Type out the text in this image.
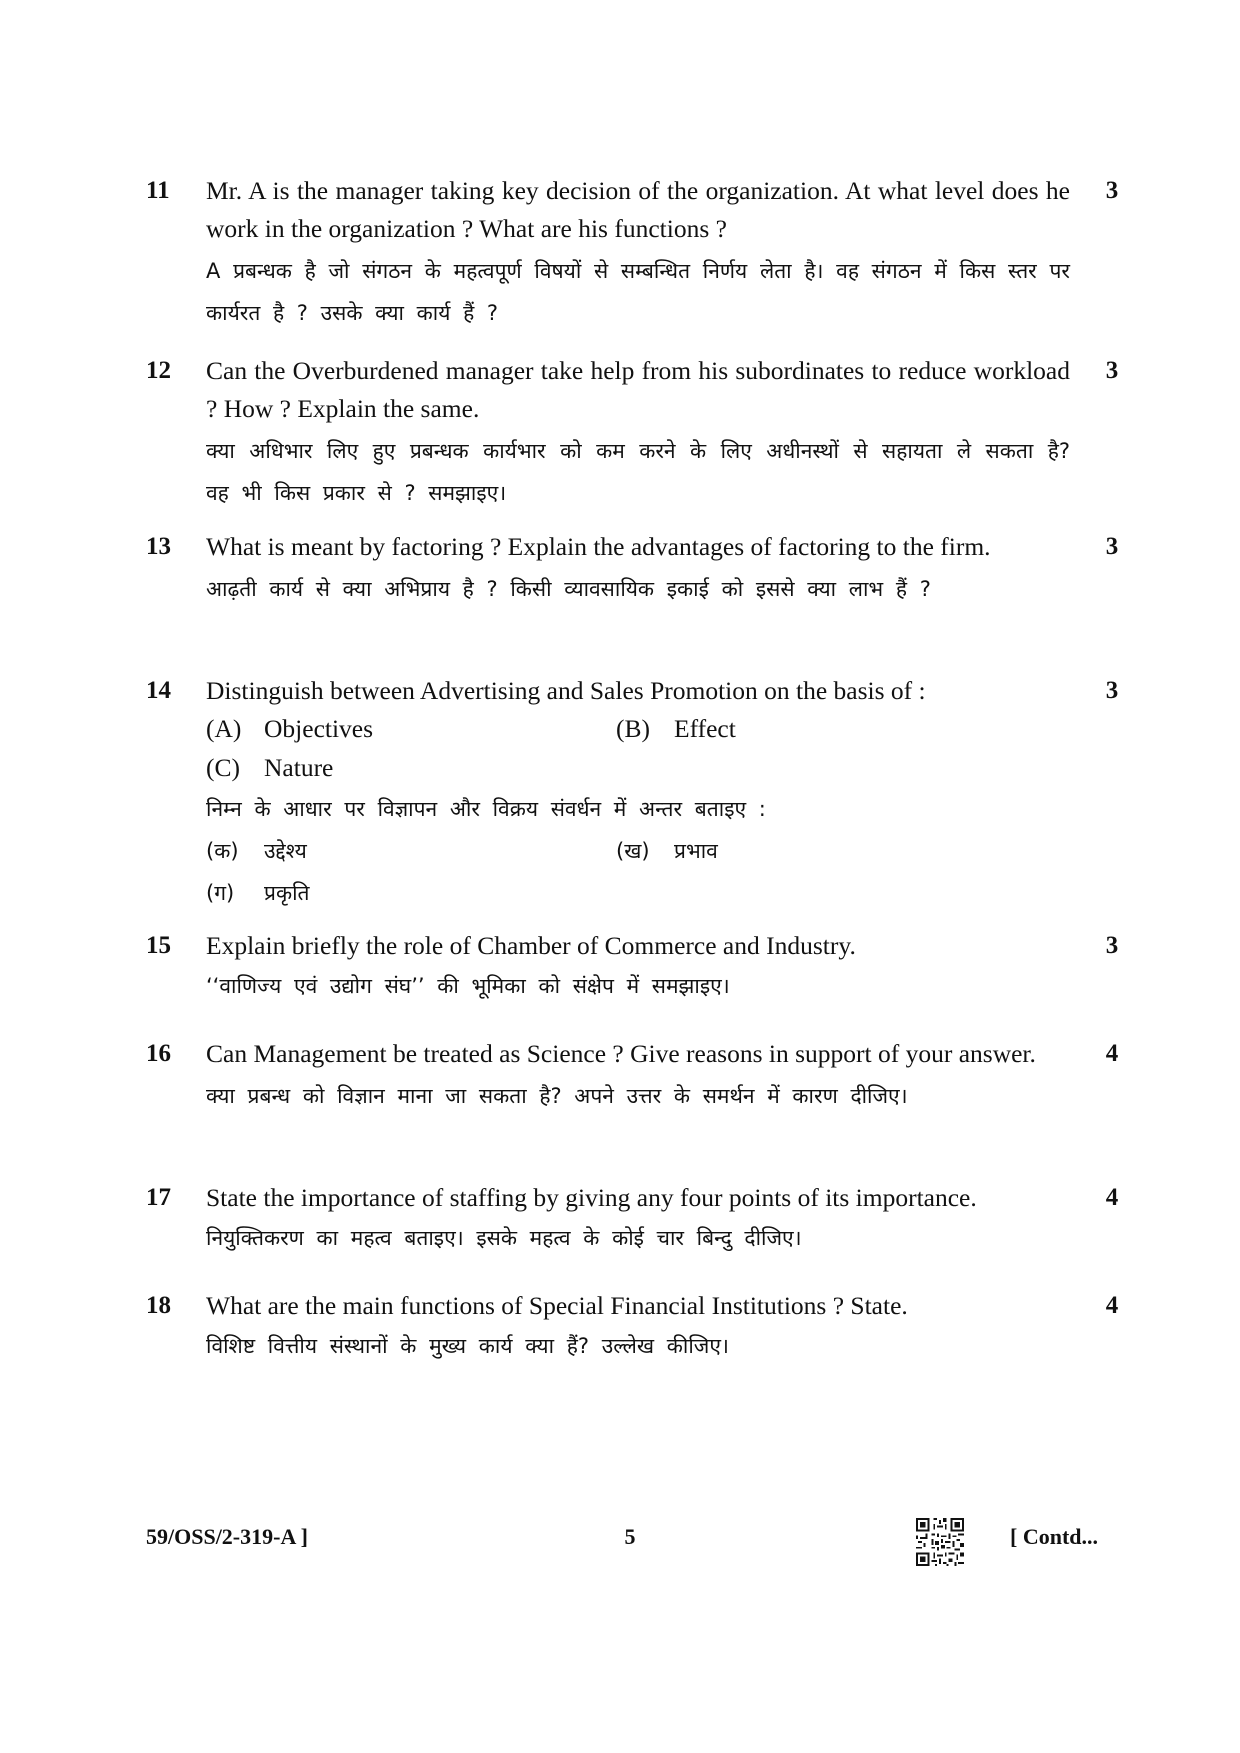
11 Mr. A is the manager taking key decision of the organization. At what level does he work in the organization ? What are his functions ?
A प्रबन्धक है जो संगठन के महत्वपूर्ण विषयों से सम्बन्धित निर्णय लेता है। वह संगठन में किस स्तर पर कार्यरत है ? उसके क्या कार्य हैं ?
3
12 Can the Overburdened manager take help from his subordinates to reduce workload ? How ? Explain the same.
क्या अधिभार लिए हुए प्रबन्धक कार्यभार को कम करने के लिए अधीनस्थों से सहायता ले सकता है? वह भी किस प्रकार से ? समझाइए।
3
13 What is meant by factoring ? Explain the advantages of factoring to the firm.
आढ़ती कार्य से क्या अभिप्राय है ? किसी व्यावसायिक इकाई को इससे क्या लाभ हैं ?
3
14 Distinguish between Advertising and Sales Promotion on the basis of :
(A) Objectives	(B) Effect
(C) Nature
निम्न के आधार पर विज्ञापन और विक्रय संवर्धन में अन्तर बताइए :
(क) उद्देश्य	(ख) प्रभाव
(ग) प्रकृति
3
15 Explain briefly the role of Chamber of Commerce and Industry.
‘‘वाणिज्य एवं उद्योग संघ’’ की भूमिका को संक्षेप में समझाइए।
3
16 Can Management be treated as Science ? Give reasons in support of your answer.
क्या प्रबन्ध को विज्ञान माना जा सकता है? अपने उत्तर के समर्थन में कारण दीजिए।
4
17 State the importance of staffing by giving any four points of its importance.
नियुक्तिकरण का महत्व बताइए। इसके महत्व के कोई चार बिन्दु दीजिए।
4
18 What are the main functions of Special Financial Institutions ? State.
विशिष्ट वित्तीय संस्थानों के मुख्य कार्य क्या हैं? उल्लेख कीजिए।
4
59/OSS/2-319-A ]	5	[ Contd...
